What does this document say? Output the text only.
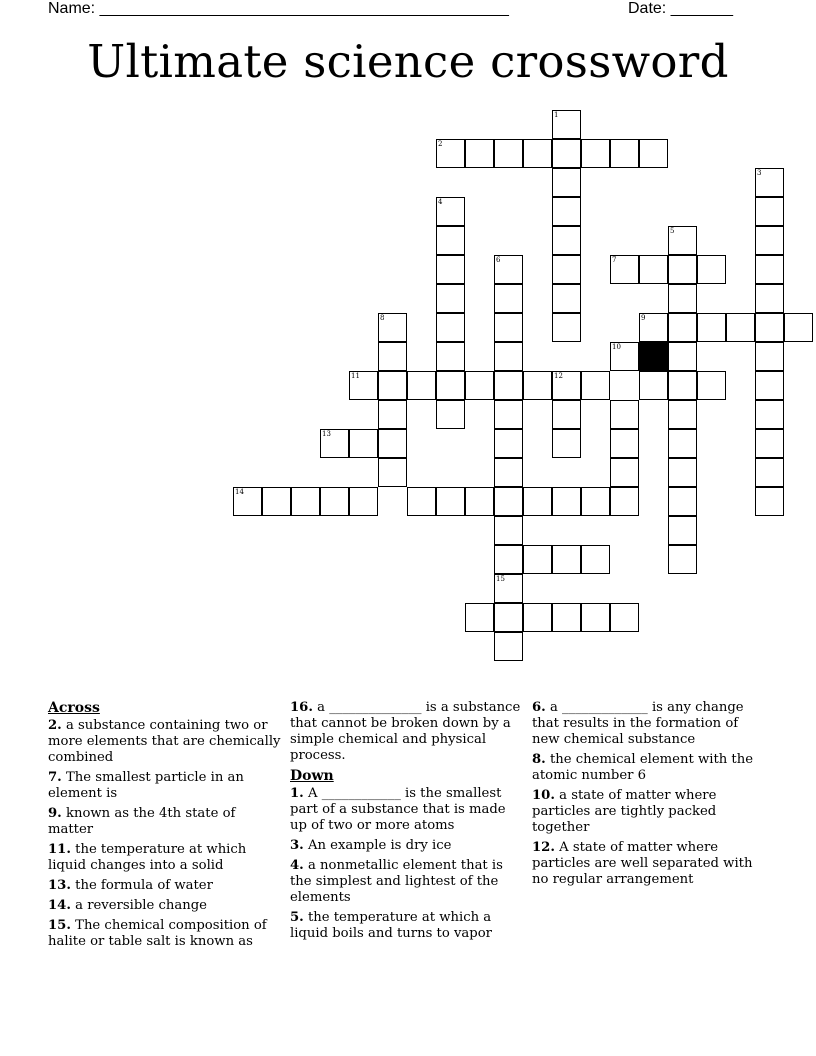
Name: ______________________________________________	Date: _______
Ultimate science crossword
1
2
3
4
5
6
15
7
8	9
10
11	12
13
14
Across
2. a substance containing two or more elements that are chemically combined
7. The smallest particle in an element is
9. known as the 4th state of matter
11. the temperature at which liquid changes into a solid
13. the formula of water
14. a reversible change
15. The chemical composition of halite or table salt is known as
16. a ______________ is a substance that cannot be broken down by a simple chemical and physical process.
Down
1. A ____________ is the smallest part of a substance that is made up of two or more atoms
3. An example is dry ice
4. a nonmetallic element that is the simplest and lightest of the elements
5. the temperature at which a liquid boils and turns to vapor
6. a _____________ is any change that results in the formation of new chemical substance
8. the chemical element with the atomic number 6
10. a state of matter where particles are tightly packed together
12. A state of matter where particles are well separated with no regular arrangement
